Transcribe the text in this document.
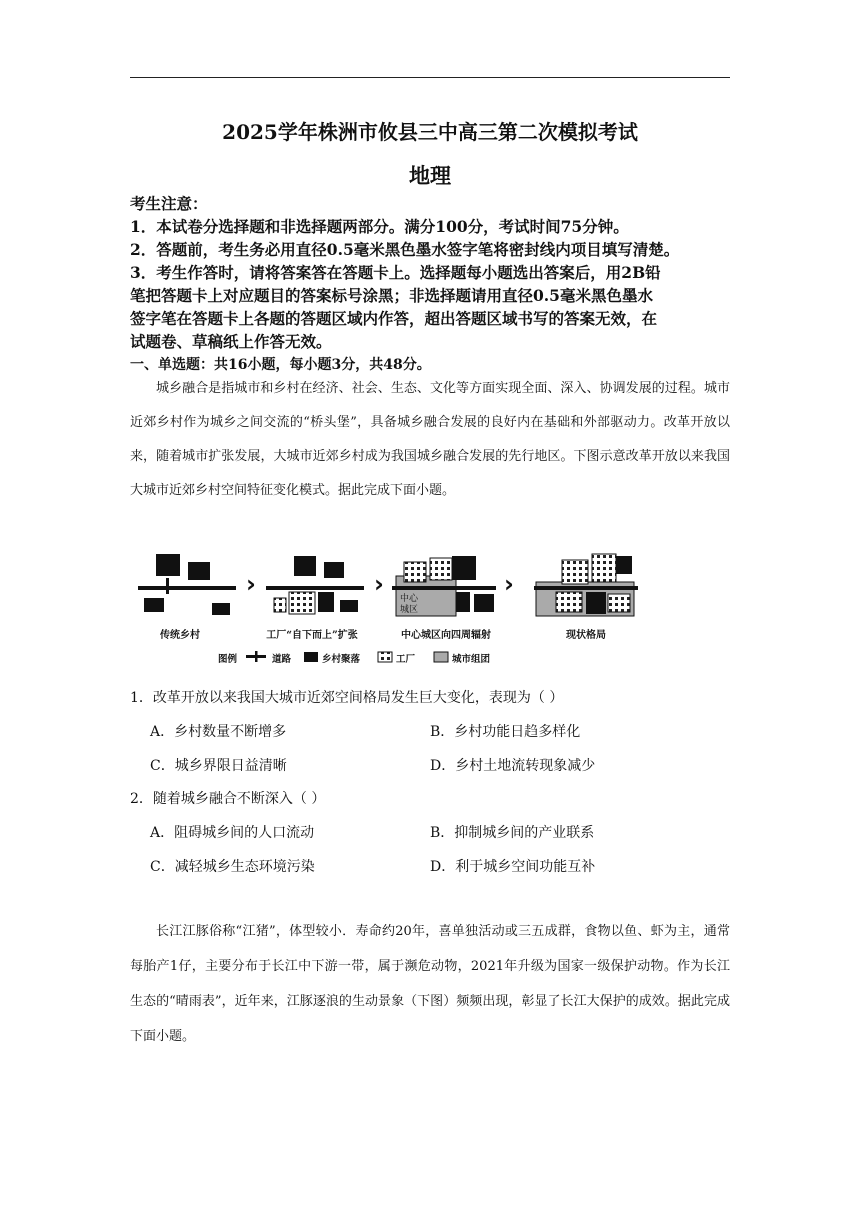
2025学年株洲市攸县三中高三第二次模拟考试
地理
考生注意：
1．本试卷分选择题和非选择题两部分。满分100分，考试时间75分钟。
2．答题前，考生务必用直径0.5毫米黑色墨水签字笔将密封线内项目填写清楚。
3．考生作答时，请将答案答在答题卡上。选择题每小题选出答案后，用2B铅
笔把答题卡上对应题目的答案标号涂黑；非选择题请用直径0.5毫米黑色墨水
签字笔在答题卡上各题的答题区域内作答，超出答题区域书写的答案无效，在
试题卷、草稿纸上作答无效。
一、单选题：共16小题，每小题3分，共48分。

城乡融合是指城市和乡村在经济、社会、生态、文化等方面实现全面、深入、协调发展的过程。城市近郊乡村作为城乡之间交流的“桥头堡”，具备城乡融合发展的良好内在基础和外部驱动力。改革开放以来，随着城市扩张发展，大城市近郊乡村成为我国城乡融合发展的先行地区。下图示意改革开放以来我国大城市近郊乡村空间特征变化模式。据此完成下面小题。

›	›
中心
城区
›
传统乡村	工厂“自下而上”扩张	中心城区向四周辐射	现状格局
图例	道路	乡村聚落	工厂	城市组团
1．改革开放以来我国大城市近郊空间格局发生巨大变化，表现为（ ）
A．乡村数量不断增多	B．乡村功能日趋多样化
C．城乡界限日益清晰	D．乡村土地流转现象减少
2．随着城乡融合不断深入（ ）
A．阻碍城乡间的人口流动	B．抑制城乡间的产业联系
C．减轻城乡生态环境污染	D．利于城乡空间功能互补

长江江豚俗称“江猪”，体型较小．寿命约20年，喜单独活动或三五成群，食物以鱼、虾为主，通常每胎产1仔，主要分布于长江中下游一带，属于濒危动物，2021年升级为国家一级保护动物。作为长江生态的“晴雨表”，近年来，江豚逐浪的生动景象（下图）频频出现，彰显了长江大保护的成效。据此完成下面小题。
